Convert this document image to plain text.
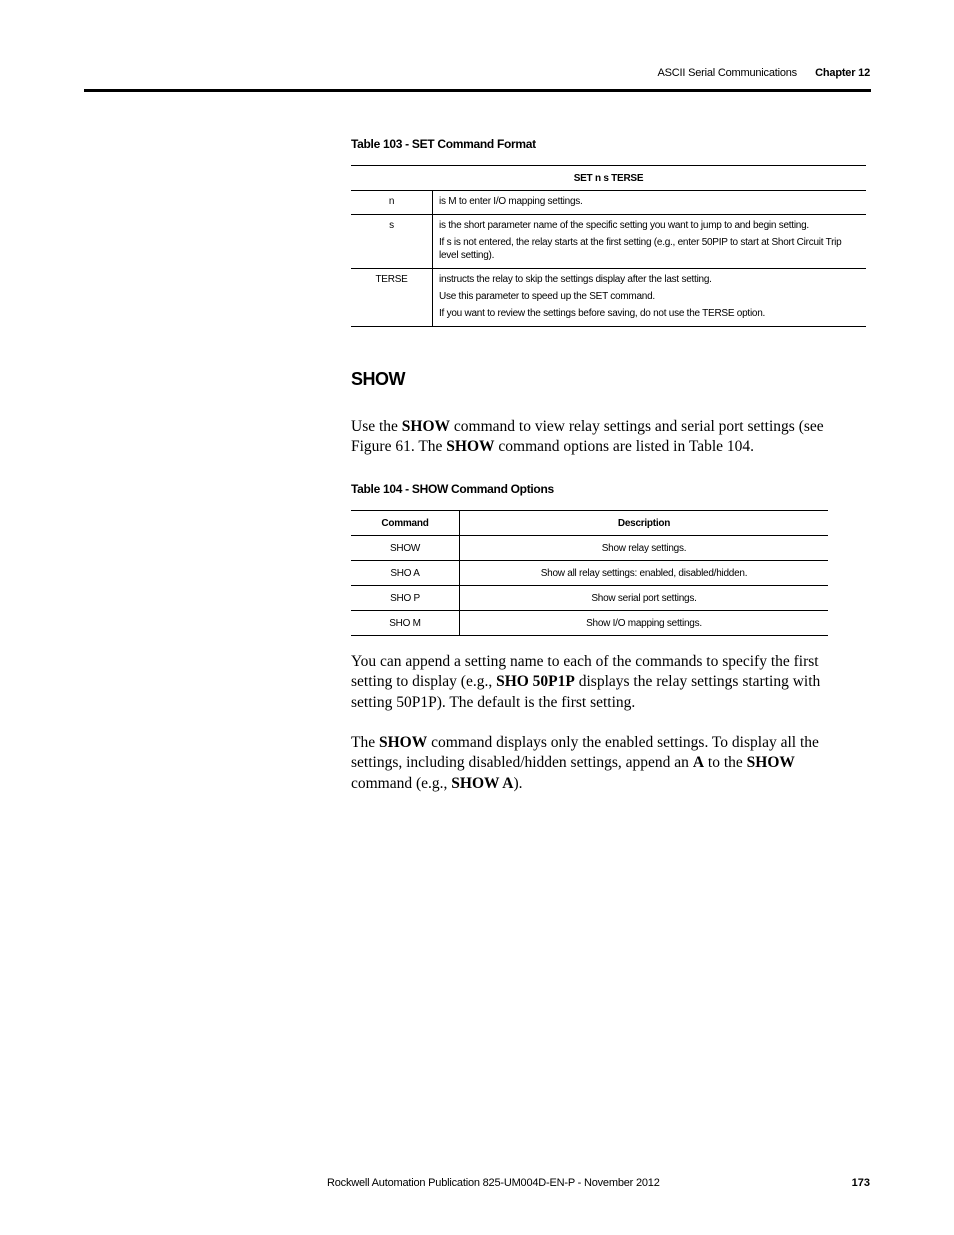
ASCII Serial Communications Chapter 12
Table 103 - SET Command Format
SET n s TERSE	
n	is M to enter I/O mapping settings.

s	is the short parameter name of the specific setting you want to jump to and begin setting.

If s is not entered, the relay starts at the first setting (e.g., enter 50PIP to start at Short Circuit Trip level setting).

TERSE	instructs the relay to skip the settings display after the last setting.

Use this parameter to speed up the SET command.

If you want to review the settings before saving, do not use the TERSE option.

SHOW

Use the SHOW command to view relay settings and serial port settings (see Figure 61. The SHOW command options are listed in Table 104.

Table 104 - SHOW Command Options
Command	Description
SHOW	Show relay settings.
SHO A	Show all relay settings: enabled, disabled/hidden.
SHO P	Show serial port settings.
SHO M	Show I/O mapping settings.

You can append a setting name to each of the commands to specify the first setting to display (e.g., SHO 50P1P displays the relay settings starting with setting 50P1P). The default is the first setting.

The SHOW command displays only the enabled settings. To display all the settings, including disabled/hidden settings, append an A to the SHOW command (e.g., SHOW A).

Rockwell Automation Publication 825-UM004D-EN-P - November 2012	173
